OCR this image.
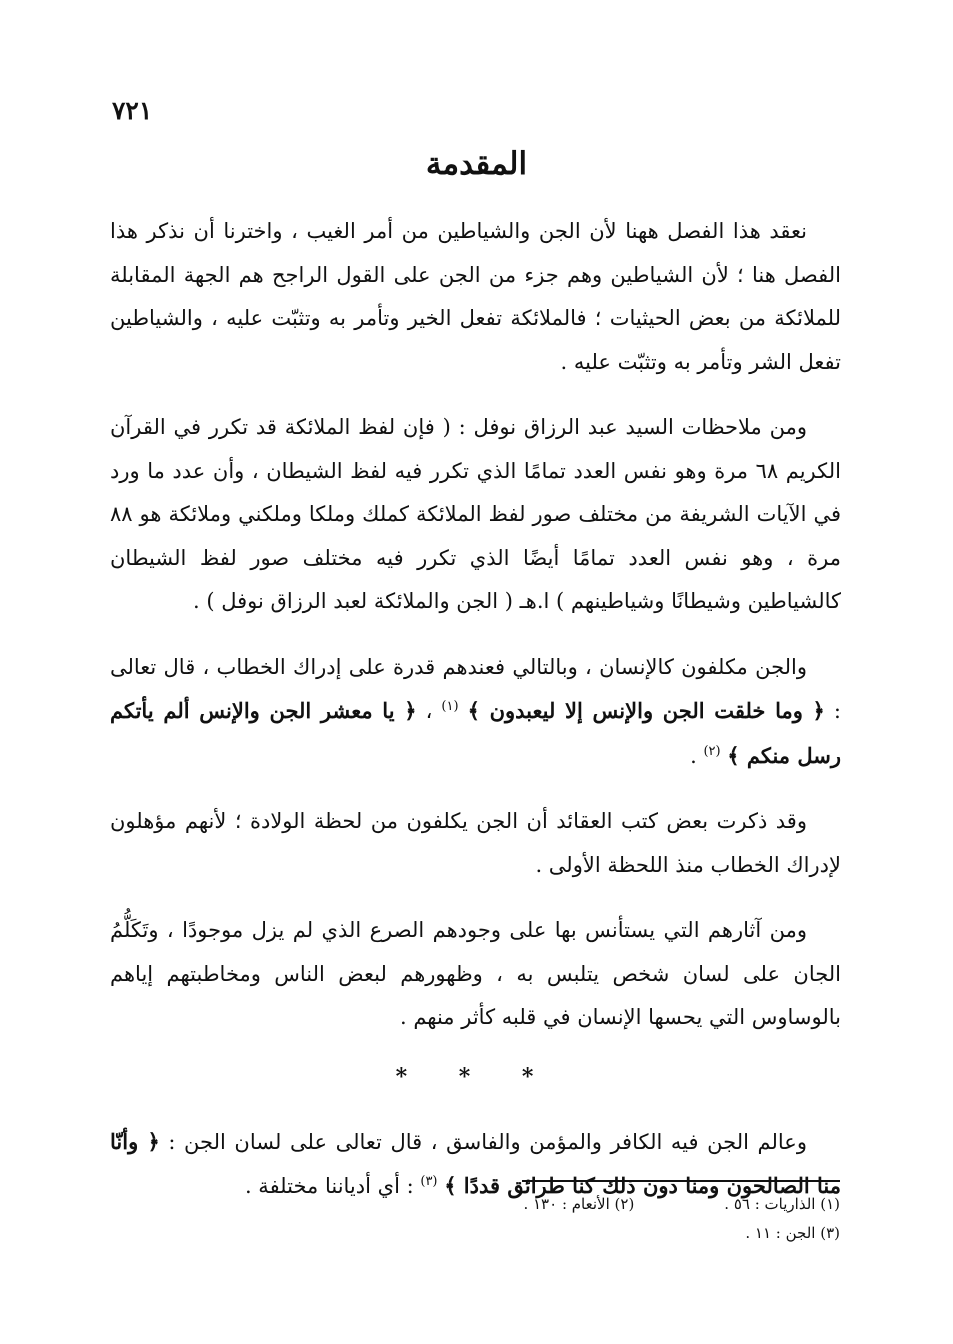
٧٢١
المقدمة

نعقد هذا الفصل ههنا لأن الجن والشياطين من أمر الغيب ، واخترنا أن نذكر هذا الفصل هنا ؛ لأن الشياطين وهم جزء من الجن على القول الراجح هم الجهة المقابلة للملائكة من بعض الحيثيات ؛ فالملائكة تفعل الخير وتأمر به وتثبّت عليه ، والشياطين تفعل الشر وتأمر به وتثبّت عليه .

ومن ملاحظات السيد عبد الرزاق نوفل : ( فإن لفظ الملائكة قد تكرر في القرآن الكريم ٦٨ مرة وهو نفس العدد تمامًا الذي تكرر فيه لفظ الشيطان ، وأن عدد ما ورد في الآيات الشريفة من مختلف صور لفظ الملائكة كملك وملكا وملكني وملائكة هو ٨٨ مرة ، وهو نفس العدد تمامًا أيضًا الذي تكرر فيه مختلف صور لفظ الشيطان كالشياطين وشيطانًا وشياطينهم ) ا.هـ ( الجن والملائكة لعبد الرزاق نوفل ) .

والجن مكلفون كالإنسان ، وبالتالي فعندهم قدرة على إدراك الخطاب ، قال تعالى : ﴿ وما خلقت الجن والإنس إلا ليعبدون ﴾ $^{(١)}$ ، ﴿ يا معشر الجن والإنس ألم يأتكم رسل منكم ﴾ $^{(٢)}$ .

وقد ذكرت بعض كتب العقائد أن الجن يكلفون من لحظة الولادة ؛ لأنهم مؤهلون لإدراك الخطاب منذ اللحظة الأولى .

ومن آثارهم التي يستأنس بها على وجودهم الصرع الذي لم يزل موجودًا ، وتَكَلُّمُ الجان على لسان شخص يتلبس به ، وظهورهم لبعض الناس ومخاطبتهم إياهم بالوساوس التي يحسها الإنسان في قلبه كأثر منهم .

* * *

وعالم الجن فيه الكافر والمؤمن والفاسق ، قال تعالى على لسان الجن : ﴿ وأنّا منا الصالحون ومنا دون ذلك كنا طرائق قددًا ﴾ $^{(٣)}$ : أي أدياننا مختلفة .

(١) الذاريات : ٥٦ .
(٢) الأنعام : ١٣٠ .
(٣) الجن : ١١ .
